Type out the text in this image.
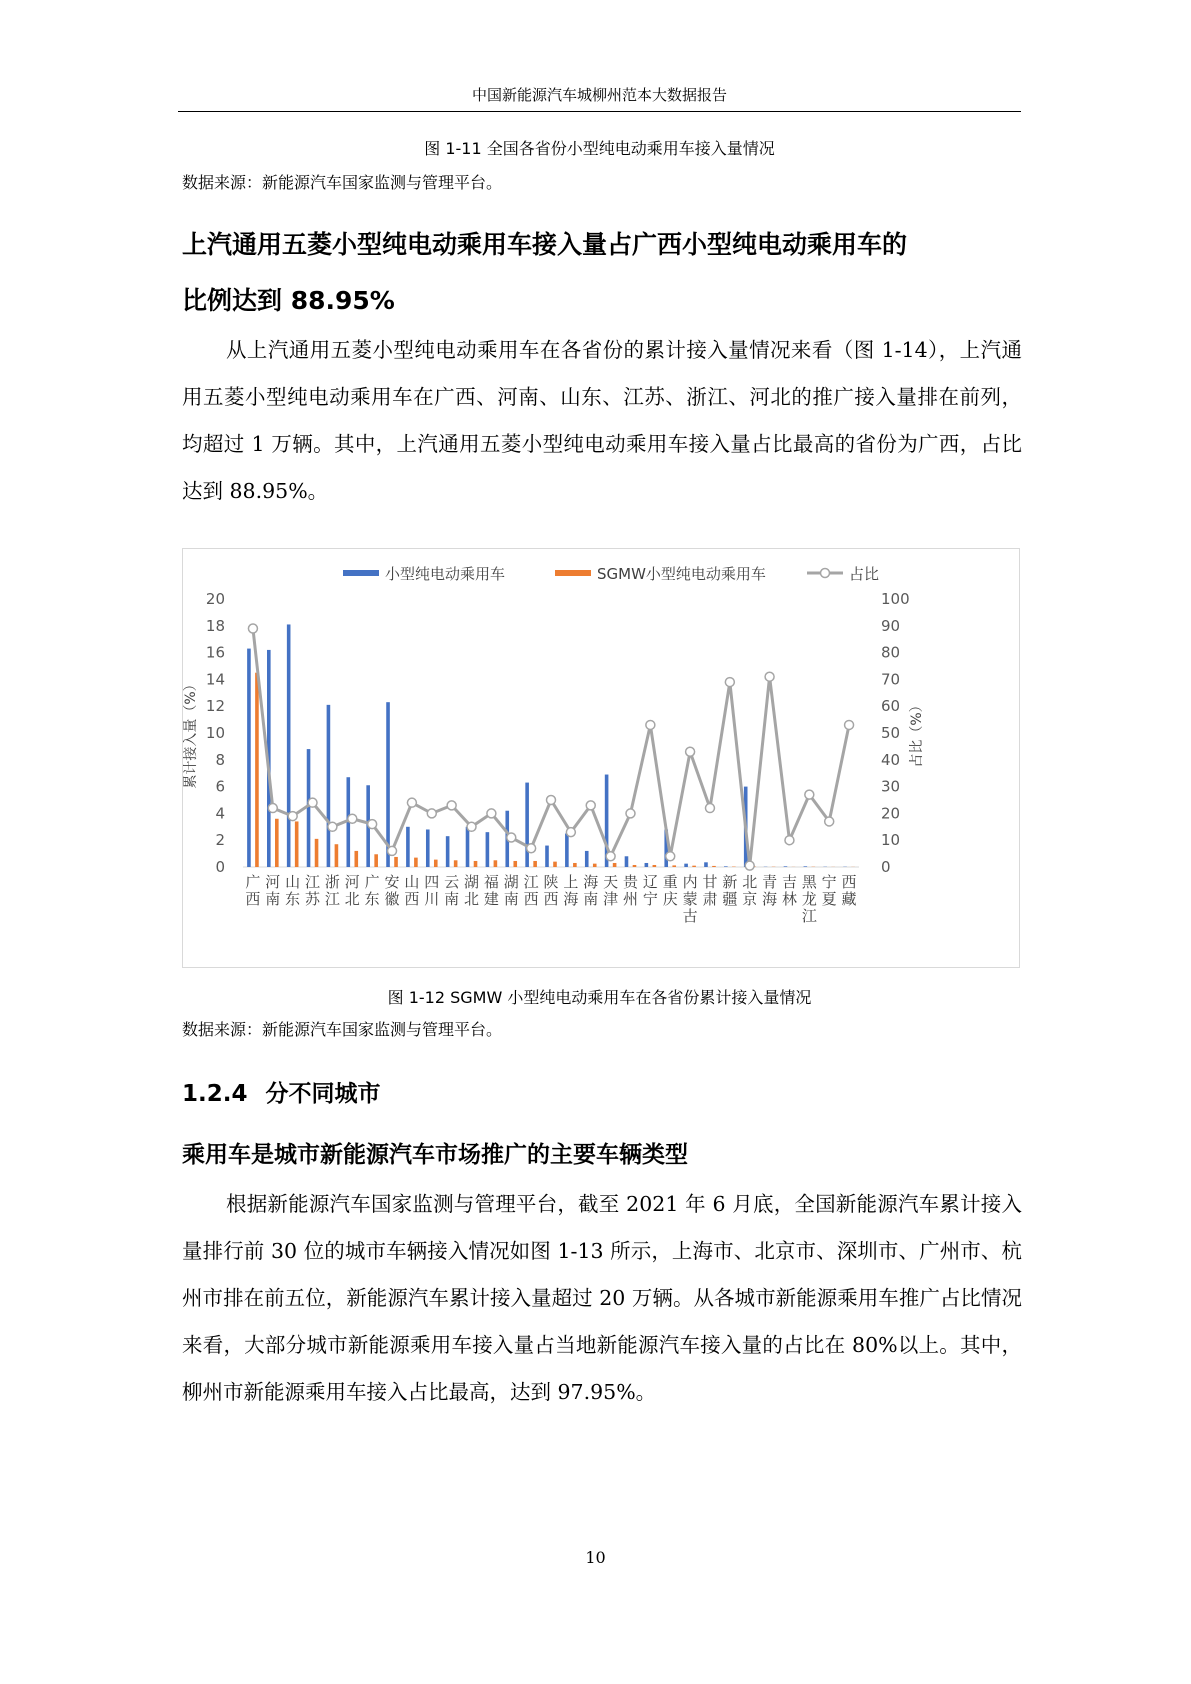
中国新能源汽车城柳州范本大数据报告
图 1-11 全国各省份小型纯电动乘用车接入量情况
数据来源：新能源汽车国家监测与管理平台。
上汽通用五菱小型纯电动乘用车接入量占广西小型纯电动乘用车的
比例达到 88.95%

从上汽通用五菱小型纯电动乘用车在各省份的累计接入量情况来看（图 1-14），上汽通用五菱小型纯电动乘用车在广西、河南、山东、江苏、浙江、河北的推广接入量排在前列，均超过 1 万辆。其中，上汽通用五菱小型纯电动乘用车接入量占比最高的省份为广西，占比达到 88.95%。

0
2
4
6
8
10
12
14
16
18
20
0
10
20
30
40
50
60
70
80
90
100
累计接入量（%）	占比（%）
广西
河南
山东
江苏
浙江
河北
广东
安徽
山西
四川
云南
湖北
福建
湖南
江西
陕西
上海
海南
天津
贵州
辽宁
重庆
内蒙古
甘肃
新疆
北京
青海
吉林
黑龙江
宁夏
西藏
小型纯电动乘用车	SGMW小型纯电动乘用车	占比
图 1-12 SGMW 小型纯电动乘用车在各省份累计接入量情况
数据来源：新能源汽车国家监测与管理平台。
1.2.4 分不同城市
乘用车是城市新能源汽车市场推广的主要车辆类型

根据新能源汽车国家监测与管理平台，截至 2021 年 6 月底，全国新能源汽车累计接入量排行前 30 位的城市车辆接入情况如图 1-13 所示，上海市、北京市、深圳市、广州市、杭州市排在前五位，新能源汽车累计接入量超过 20 万辆。从各城市新能源乘用车推广占比情况来看，大部分城市新能源乘用车接入量占当地新能源汽车接入量的占比在 80%以上。其中，柳州市新能源乘用车接入占比最高，达到 97.95%。

10
